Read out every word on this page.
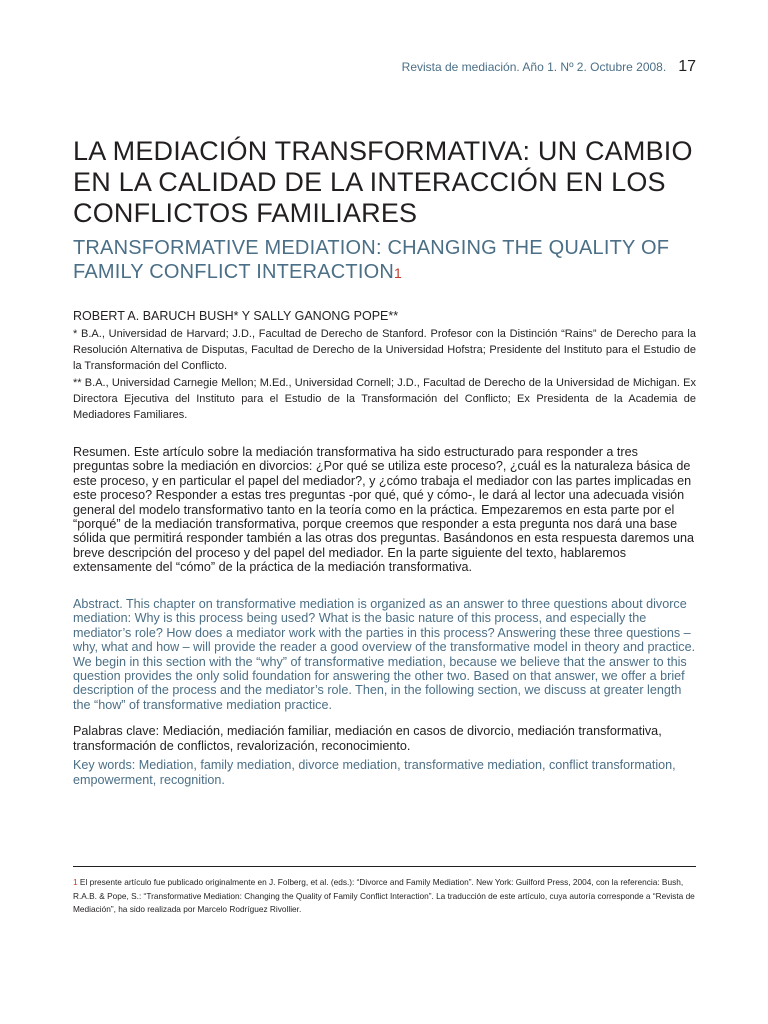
Revista de mediación. Año 1. Nº 2. Octubre 2008. 17
LA MEDIACIÓN TRANSFORMATIVA: UN CAMBIO EN LA CALIDAD DE LA INTERACCIÓN EN LOS CONFLICTOS FAMILIARES
TRANSFORMATIVE MEDIATION: CHANGING THE QUALITY OF FAMILY CONFLICT INTERACTION1
ROBERT A. BARUCH BUSH* Y SALLY GANONG POPE**

* B.A., Universidad de Harvard; J.D., Facultad de Derecho de Stanford. Profesor con la Distinción “Rains” de Derecho para la Resolución Alternativa de Disputas, Facultad de Derecho de la Universidad Hofstra; Presidente del Instituto para el Estudio de la Transformación del Conflicto.

** B.A., Universidad Carnegie Mellon; M.Ed., Universidad Cornell; J.D., Facultad de Derecho de la Universidad de Michigan. Ex Directora Ejecutiva del Instituto para el Estudio de la Transformación del Conflicto; Ex Presidenta de la Academia de Mediadores Familiares.

Resumen. Este artículo sobre la mediación transformativa ha sido estructurado para responder a tres preguntas sobre la mediación en divorcios: ¿Por qué se utiliza este proceso?, ¿cuál es la naturaleza básica de este proceso, y en particular el papel del mediador?, y ¿cómo trabaja el mediador con las partes implicadas en este proceso? Responder a estas tres preguntas -por qué, qué y cómo-, le dará al lector una adecuada visión general del modelo transformativo tanto en la teoría como en la práctica. Empezaremos en esta parte por el “porqué” de la mediación transformativa, porque creemos que responder a esta pregunta nos dará una base sólida que permitirá responder también a las otras dos preguntas. Basándonos en esta respuesta daremos una breve descripción del proceso y del papel del mediador. En la parte siguiente del texto, hablaremos extensamente del “cómo” de la práctica de la mediación transformativa.

Abstract. This chapter on transformative mediation is organized as an answer to three questions about divorce mediation: Why is this process being used? What is the basic nature of this process, and especially the mediator’s role? How does a mediator work with the parties in this process? Answering these three questions – why, what and how – will provide the reader a good overview of the transformative model in theory and practice. We begin in this section with the “why” of transformative mediation, because we believe that the answer to this question provides the only solid foundation for answering the other two. Based on that answer, we offer a brief description of the process and the mediator’s role. Then, in the following section, we discuss at greater length the “how” of transformative mediation practice.

Palabras clave: Mediación, mediación familiar, mediación en casos de divorcio, mediación transformativa, transformación de conflictos, revalorización, reconocimiento.

Key words: Mediation, family mediation, divorce mediation, transformative mediation, conflict transformation, empowerment, recognition.

1 El presente artículo fue publicado originalmente en J. Folberg, et al. (eds.): “Divorce and Family Mediation”. New York: Guilford Press, 2004, con la referencia: Bush, R.A.B. & Pope, S.: “Transformative Mediation: Changing the Quality of Family Conflict Interaction”. La traducción de este artículo, cuya autoría corresponde a “Revista de Mediación”, ha sido realizada por Marcelo Rodríguez Rivollier.
